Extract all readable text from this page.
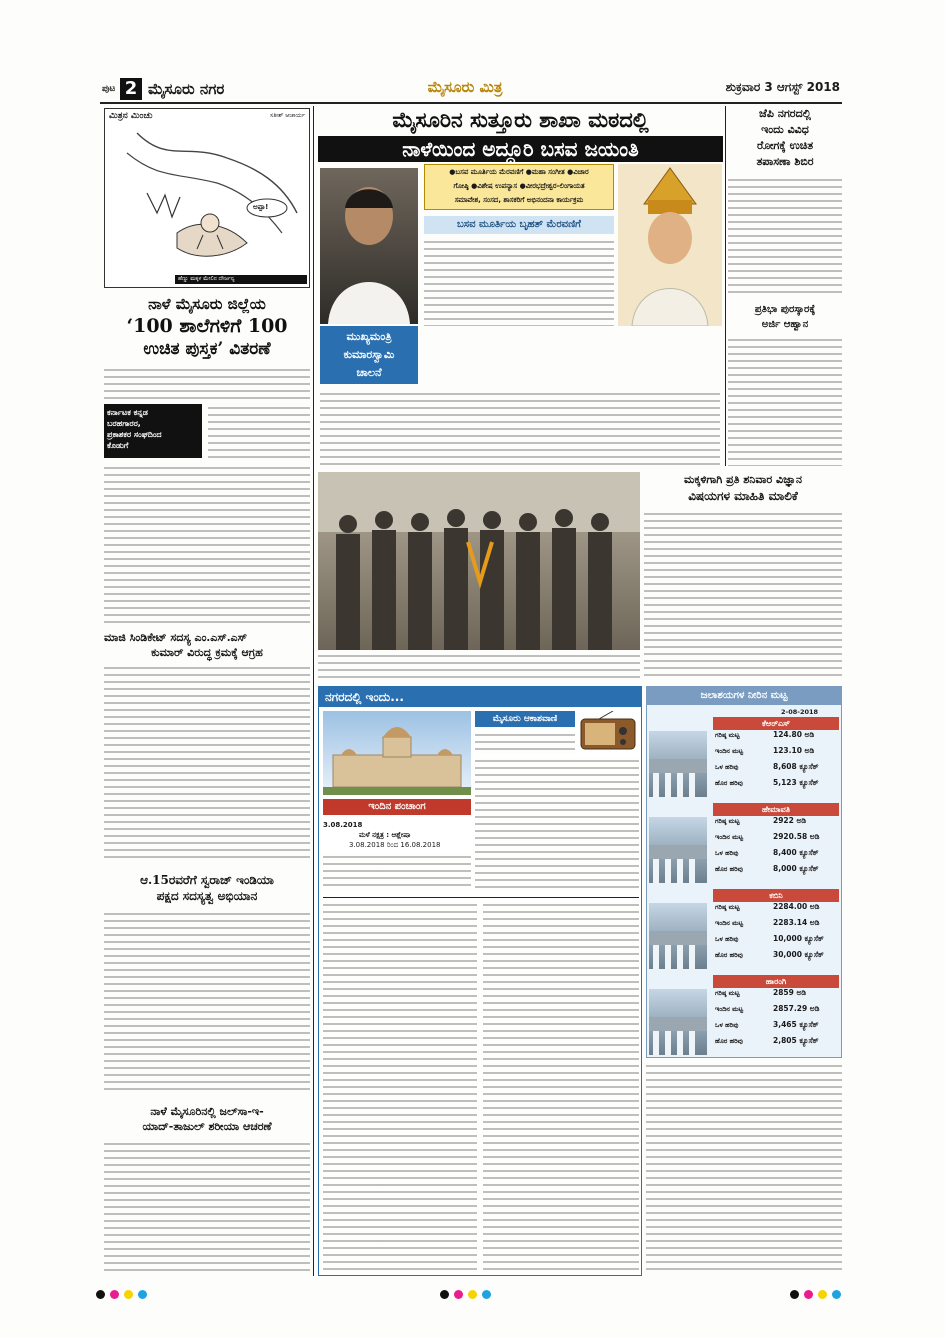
ಪುಟ 2 ಮೈಸೂರು ನಗರ	ಮೈಸೂರು ಮಿತ್ರ	ಶುಕ್ರವಾರ 3 ಆಗಸ್ಟ್ 2018
ಮಿತ್ರನ ಮಿಂಚು	ಸತೀಶ್ ಆಚಾರ್ಯ
ಅಪ್ಪಾ!
ಹೆಣ್ಣು ಮಕ್ಕಳ ಮೇಲಿನ ದೌರ್ಜನ್ಯ
ನಾಳೆ ಮೈಸೂರು ಜಿಲ್ಲೆಯ
‘100 ಶಾಲೆಗಳಿಗೆ 100
ಉಚಿತ ಪುಸ್ತಕ’ ವಿತರಣೆ
ಕರ್ನಾಟಕ ಕನ್ನಡ
ಬರಹಗಾರರ,
ಪ್ರಕಾಶಕರ ಸಂಘದಿಂದ
ಕೊಡುಗೆ
ಮಾಜಿ ಸಿಂಡಿಕೇಟ್ ಸದಸ್ಯ ಎಂ.ಎಸ್.ಎಸ್
ಕುಮಾರ್ ವಿರುದ್ಧ ಕ್ರಮಕ್ಕೆ ಆಗ್ರಹ
ಆ.15ರವರೆಗೆ ಸ್ವರಾಜ್ ಇಂಡಿಯಾ
ಪಕ್ಷದ ಸದಸ್ಯತ್ವ ಅಭಿಯಾನ
ನಾಳೆ ಮೈಸೂರಿನಲ್ಲಿ ಜಲ್‌ಸಾ-ಇ-
ಯಾದ್-ತಾಜುಲ್ ಶರೀಯಾ ಆಚರಣೆ
ಮೈಸೂರಿನ ಸುತ್ತೂರು ಶಾಖಾ ಮಠದಲ್ಲಿ
ನಾಳೆಯಿಂದ ಅದ್ದೂರಿ ಬಸವ ಜಯಂತಿ
ಮುಖ್ಯಮಂತ್ರಿ
ಕುಮಾರಸ್ವಾಮಿ
ಚಾಲನೆ
●ಬಸವ ಮೂರ್ತಿಯ ಮೆರವಣಿಗೆ ●ಮಹಾ ಸಂಗೀತ ●ವಿಚಾರ
ಗೋಷ್ಠಿ ●ವಿಶೇಷ ಉಪನ್ಯಾಸ ●ವೀರಭದ್ರೇಶ್ವರ-ಲಿಂಗಾಯತ
ಸಮಾವೇಶ, ಸಂಸದ, ಶಾಸಕರಿಗೆ ಅಭಿನಂದನಾ ಕಾರ್ಯಕ್ರಮ
ಬಸವ ಮೂರ್ತಿಯ ಬೃಹತ್ ಮೆರವಣಿಗೆ
ಜೆಪಿ ನಗರದಲ್ಲಿ
ಇಂದು ವಿವಿಧ
ರೋಗಕ್ಕೆ ಉಚಿತ
ತಪಾಸಣಾ ಶಿಬಿರ
ಪ್ರತಿಭಾ ಪುರಸ್ಕಾರಕ್ಕೆ
ಅರ್ಜಿ ಆಹ್ವಾನ
ಮಕ್ಕಳಿಗಾಗಿ ಪ್ರತಿ ಶನಿವಾರ ವಿಜ್ಞಾನ
ವಿಷಯಗಳ ಮಾಹಿತಿ ಮಾಲಿಕೆ
ನಗರದಲ್ಲಿ ಇಂದು...
ಮೈಸೂರು ಆಕಾಶವಾಣಿ
ಇಂದಿನ ಪಂಚಾಂಗ
3.08.2018
ಮಳೆ ನಕ್ಷತ್ರ : ಆಶ್ಲೇಷಾ
3.08.2018 ರಿಂದ 16.08.2018
ಜಲಾಶಯಗಳ ನೀರಿನ ಮಟ್ಟ
2-08-2018
ಕೆಆರ್‌ಎಸ್
ಗರಿಷ್ಠ ಮಟ್ಟ	124.80 ಅಡಿ
ಇಂದಿನ ಮಟ್ಟ	123.10 ಅಡಿ
ಒಳ ಹರಿವು	8,608 ಕ್ಯೂಸೆಕ್
ಹೊರ ಹರಿವು	5,123 ಕ್ಯೂಸೆಕ್
ಹೇಮಾವತಿ
ಗರಿಷ್ಠ ಮಟ್ಟ	2922 ಅಡಿ
ಇಂದಿನ ಮಟ್ಟ	2920.58 ಅಡಿ
ಒಳ ಹರಿವು	8,400 ಕ್ಯೂಸೆಕ್
ಹೊರ ಹರಿವು	8,000 ಕ್ಯೂಸೆಕ್
ಕಬಿನಿ
ಗರಿಷ್ಠ ಮಟ್ಟ	2284.00 ಅಡಿ
ಇಂದಿನ ಮಟ್ಟ	2283.14 ಅಡಿ
ಒಳ ಹರಿವು	10,000 ಕ್ಯೂಸೆಕ್
ಹೊರ ಹರಿವು	30,000 ಕ್ಯೂಸೆಕ್
ಹಾರಂಗಿ
ಗರಿಷ್ಠ ಮಟ್ಟ	2859 ಅಡಿ
ಇಂದಿನ ಮಟ್ಟ	2857.29 ಅಡಿ
ಒಳ ಹರಿವು	3,465 ಕ್ಯೂಸೆಕ್
ಹೊರ ಹರಿವು	2,805 ಕ್ಯೂಸೆಕ್
